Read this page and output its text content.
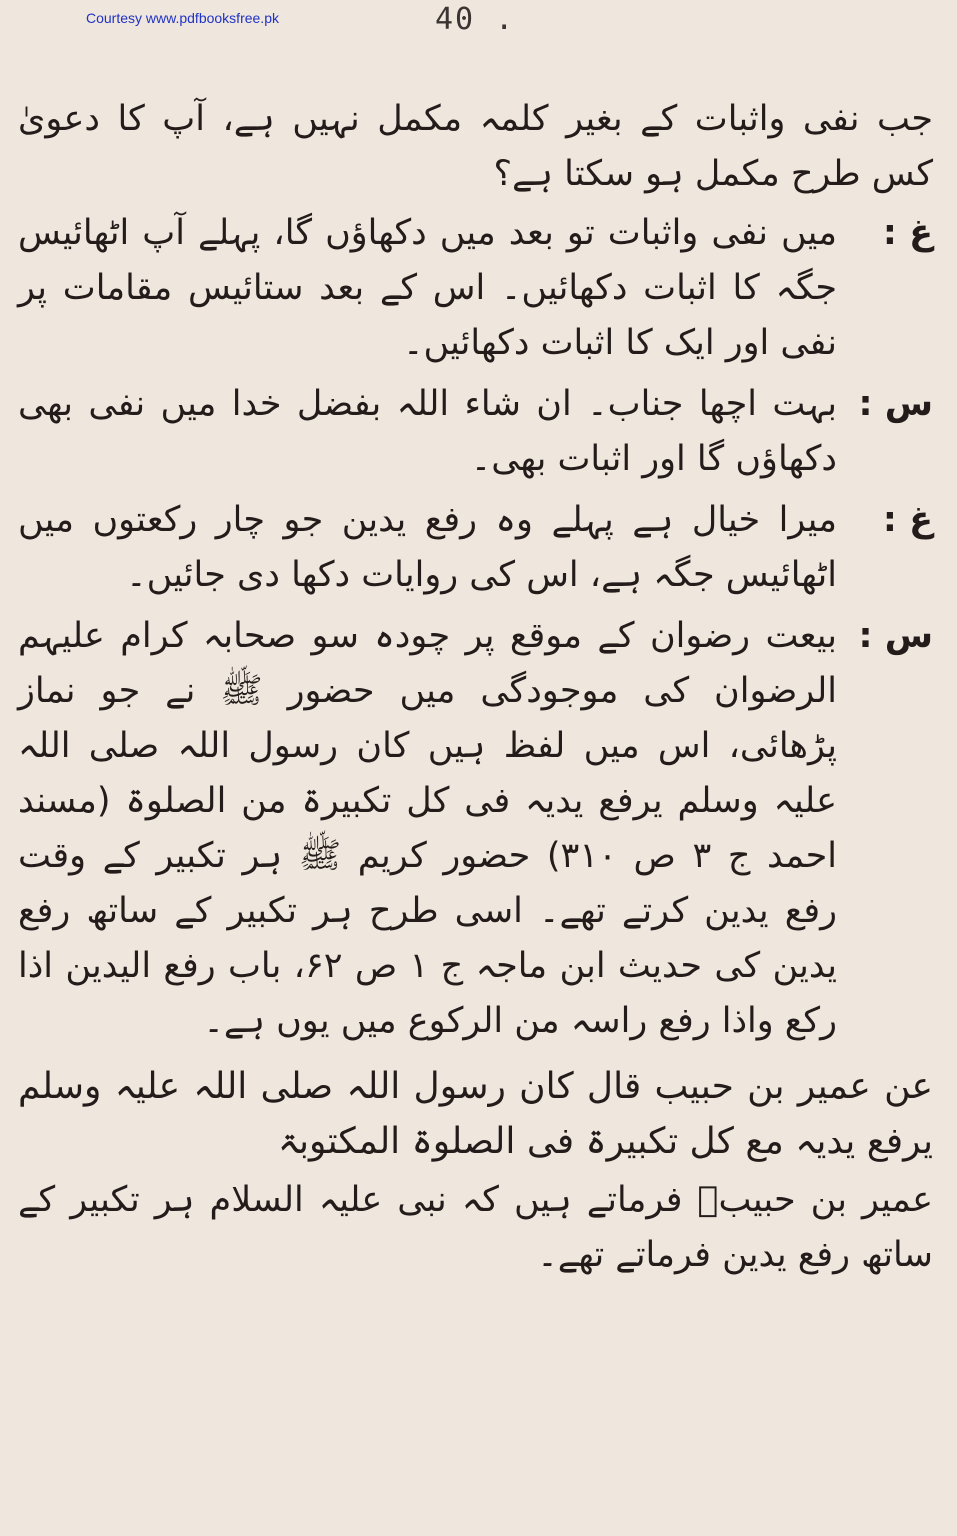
Courtesy www.pdfbooksfree.pk	40 .

جب نفی واثبات کے بغیر کلمہ مکمل نہیں ہے، آپ کا دعویٰ کس طرح مکمل ہو سکتا ہے؟

غ :
میں نفی واثبات تو بعد میں دکھاؤں گا، پہلے آپ اٹھائیس جگہ کا اثبات دکھائیں۔ اس کے بعد ستائیس مقامات پر نفی اور ایک کا اثبات دکھائیں۔
س :
بہت اچھا جناب۔ ان شاء اللہ بفضل خدا میں نفی بھی دکھاؤں گا اور اثبات بھی۔
غ :
میرا خیال ہے پہلے وہ رفع یدین جو چار رکعتوں میں اٹھائیس جگہ ہے، اس کی روایات دکھا دی جائیں۔
س :
بیعت رضوان کے موقع پر چودہ سو صحابہ کرام علیہم الرضوان کی موجودگی میں حضور ﷺ نے جو نماز پڑھائی، اس میں لفظ ہیں کان رسول اللہ صلی اللہ علیہ وسلم یرفع یدیہ فی کل تکبیرۃ من الصلوۃ (مسند احمد ج ۳ ص ۳۱۰) حضور کریم ﷺ ہر تکبیر کے وقت رفع یدین کرتے تھے۔ اسی طرح ہر تکبیر کے ساتھ رفع یدین کی حدیث ابن ماجہ ج ۱ ص ۶۲، باب رفع الیدین اذا رکع واذا رفع راسہ من الرکوع میں یوں ہے۔

عن عمیر بن حبیب قال کان رسول اللہ صلی اللہ علیہ وسلم یرفع یدیہ مع کل تکبیرۃ فی الصلوۃ المکتوبۃ

عمیر بن حبیبؓ فرماتے ہیں کہ نبی علیہ السلام ہر تکبیر کے ساتھ رفع یدین فرماتے تھے۔
